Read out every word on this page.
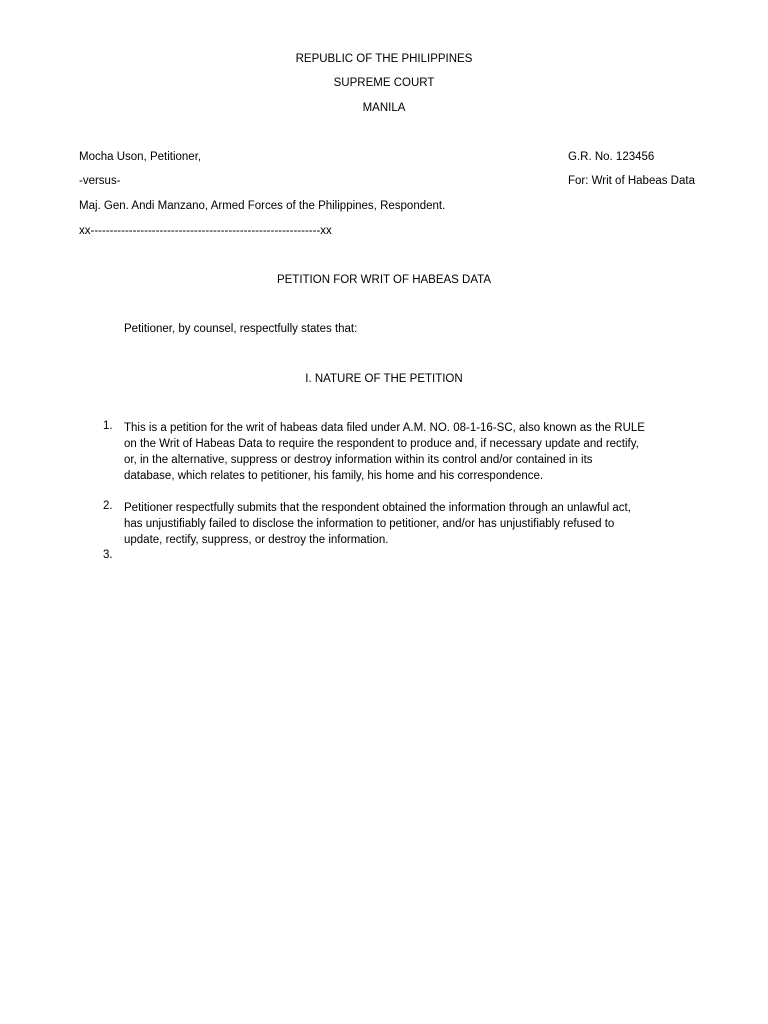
REPUBLIC OF THE PHILIPPINES
SUPREME COURT
MANILA
Mocha Uson, Petitioner,	G.R. No. 123456
-versus-	For: Writ of Habeas Data
Maj. Gen. Andi Manzano, Armed Forces of the Philippines, Respondent.
xx------------------------------------------------------------xx
PETITION FOR WRIT OF HABEAS DATA
Petitioner, by counsel, respectfully states that:
I. NATURE OF THE PETITION
1. This is a petition for the writ of habeas data filed under A.M. NO. 08-1-16-SC, also known as the RULE
on the Writ of Habeas Data to require the respondent to produce and, if necessary update and rectify,
or, in the alternative, suppress or destroy information within its control and/or contained in its
database, which relates to petitioner, his family, his home and his correspondence.
2. Petitioner respectfully submits that the respondent obtained the information through an unlawful act,
has unjustifiably failed to disclose the information to petitioner, and/or has unjustifiably refused to
update, rectify, suppress, or destroy the information.
3.
